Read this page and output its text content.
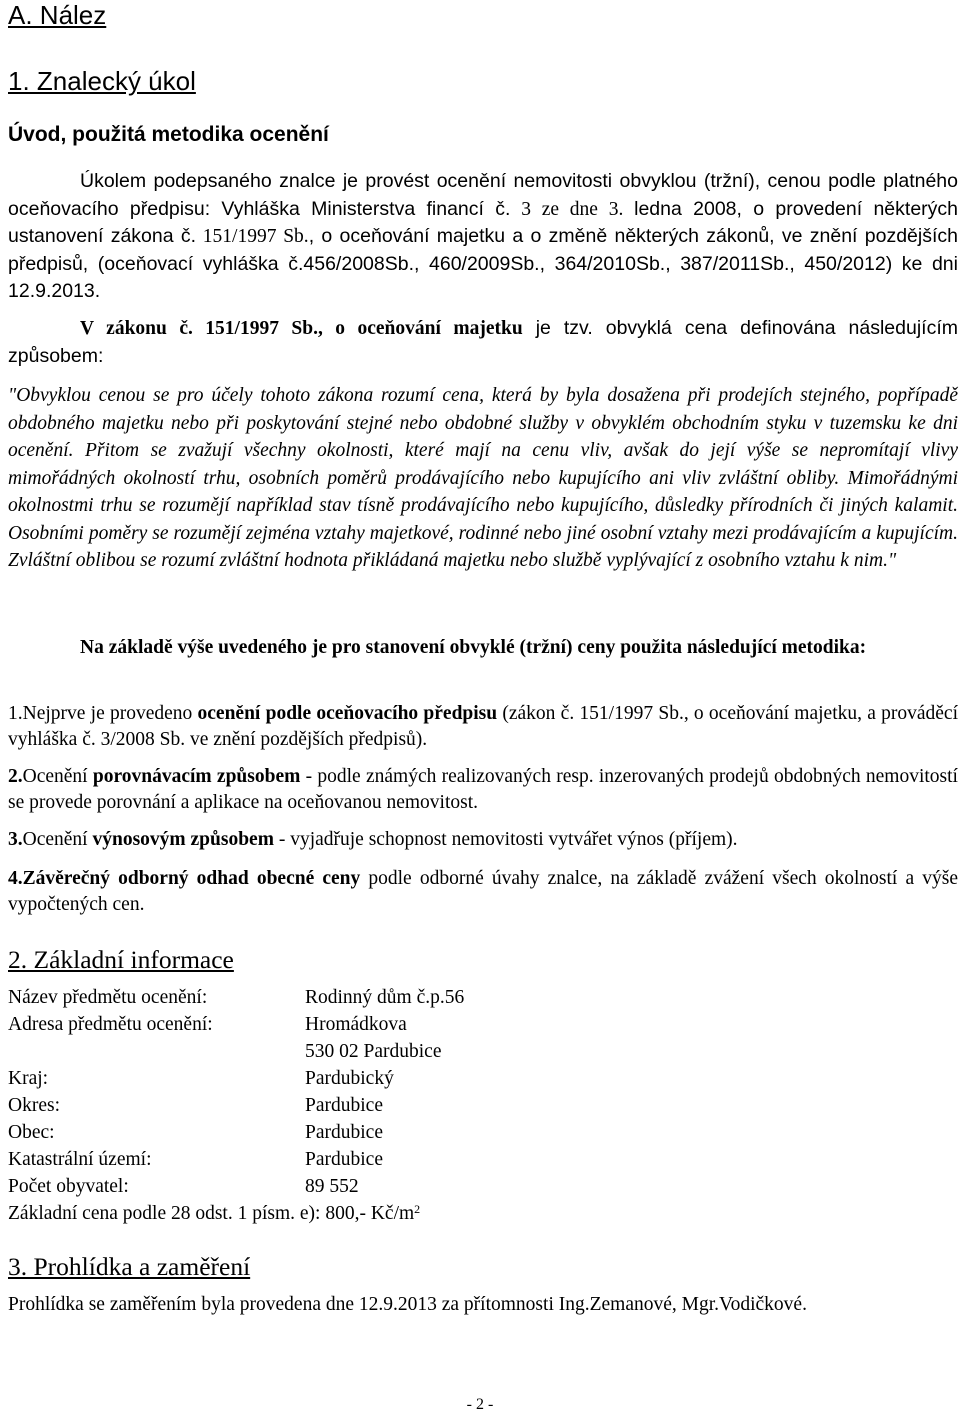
A. Nález
1. Znalecký úkol
Úvod, použitá metodika ocenění
Úkolem podepsaného znalce je provést ocenění nemovitosti obvyklou (tržní), cenou podle platného oceňovacího předpisu: Vyhláška Ministerstva financí č. 3 ze dne 3. ledna 2008, o provedení některých ustanovení zákona č. 151/1997 Sb., o oceňování majetku a o změně některých zákonů, ve znění pozdějších předpisů, (oceňovací vyhláška č.456/2008Sb., 460/2009Sb., 364/2010Sb., 387/2011Sb., 450/2012) ke dni 12.9.2013.
V zákonu č. 151/1997 Sb., o oceňování majetku je tzv. obvyklá cena definována následujícím způsobem:
"Obvyklou cenou se pro účely tohoto zákona rozumí cena, která by byla dosažena při prodejích stejného, popřípadě obdobného majetku nebo při poskytování stejné nebo obdobné služby v obvyklém obchodním styku v tuzemsku ke dni ocenění. Přitom se zvažují všechny okolnosti, které mají na cenu vliv, avšak do její výše se nepromítají vlivy mimořádných okolností trhu, osobních poměrů prodávajícího nebo kupujícího ani vliv zvláštní obliby. Mimořádnými okolnostmi trhu se rozumějí například stav tísně prodávajícího nebo kupujícího, důsledky přírodních či jiných kalamit. Osobními poměry se rozumějí zejména vztahy majetkové, rodinné nebo jiné osobní vztahy mezi prodávajícím a kupujícím. Zvláštní oblibou se rozumí zvláštní hodnota přikládaná majetku nebo službě vyplývající z osobního vztahu k nim."
Na základě výše uvedeného je pro stanovení obvyklé (tržní) ceny použita následující metodika:
1.Nejprve je provedeno ocenění podle oceňovacího předpisu (zákon č. 151/1997 Sb., o oceňování majetku, a prováděcí vyhláška č. 3/2008 Sb. ve znění pozdějších předpisů).
2.Ocenění porovnávacím způsobem - podle známých realizovaných resp. inzerovaných prodejů obdobných nemovitostí se provede porovnání a aplikace na oceňovanou nemovitost.
3.Ocenění výnosovým způsobem - vyjadřuje schopnost nemovitosti vytvářet výnos (příjem).
4.Závěrečný odborný odhad obecné ceny podle odborné úvahy znalce, na základě zvážení všech okolností a výše vypočtených cen.
2. Základní informace
Název předmětu ocenění:	Rodinný dům č.p.56
Adresa předmětu ocenění:	Hromádkova
530 02 Pardubice
Kraj:	Pardubický
Okres:	Pardubice
Obec:	Pardubice
Katastrální území:	Pardubice
Počet obyvatel:	89 552
Základní cena podle 28 odst. 1 písm. e): 800,- $Kč/m^2$
3. Prohlídka a zaměření
Prohlídka se zaměřením byla provedena dne 12.9.2013 za přítomnosti Ing.Zemanové, Mgr.Vodičkové.
- 2 -
